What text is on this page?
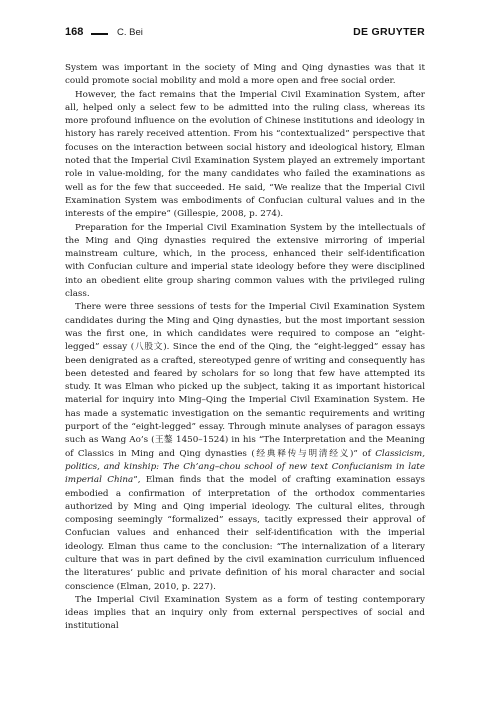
168	C. Bei	DE GRUYTER

System was important in the society of Ming and Qing dynasties was that it could promote social mobility and mold a more open and free social order.

However, the fact remains that the Imperial Civil Examination System, after all, helped only a select few to be admitted into the ruling class, whereas its more profound influence on the evolution of Chinese institutions and ideology in history has rarely received attention. From his “contextualized” perspective that focuses on the interaction between social history and ideological history, Elman noted that the Imperial Civil Examination System played an extremely important role in value-molding, for the many candidates who failed the examinations as well as for the few that succeeded. He said, “We realize that the Imperial Civil Examination System was embodiments of Confucian cultural values and in the interests of the empire” (Gillespie, 2008, p. 274).

Preparation for the Imperial Civil Examination System by the intellectuals of the Ming and Qing dynasties required the extensive mirroring of imperial mainstream culture, which, in the process, enhanced their self-identification with Confucian culture and imperial state ideology before they were disciplined into an obedient elite group sharing common values with the privileged ruling class.

There were three sessions of tests for the Imperial Civil Examination System candidates during the Ming and Qing dynasties, but the most important session was the first one, in which candidates were required to compose an “eight-legged” essay (八股文). Since the end of the Qing, the “eight-legged” essay has been denigrated as a crafted, stereotyped genre of writing and consequently has been detested and feared by scholars for so long that few have attempted its study. It was Elman who picked up the subject, taking it as important historical material for inquiry into Ming–Qing the Imperial Civil Examination System. He has made a systematic investigation on the semantic requirements and writing purport of the “eight-legged” essay. Through minute analyses of paragon essays such as Wang Ao’s (王鏊 1450–1524) in his “The Interpretation and the Meaning of Classics in Ming and Qing dynasties (经典释传与明清经义)” of Classicism, politics, and kinship: The Ch’ang–chou school of new text Confucianism in late imperial China”, Elman finds that the model of crafting examination essays embodied a confirmation of interpretation of the orthodox commentaries authorized by Ming and Qing imperial ideology. The cultural elites, through composing seemingly “formalized” essays, tacitly expressed their approval of Confucian values and enhanced their self-identification with the imperial ideology. Elman thus came to the conclusion: “The internalization of a literary culture that was in part defined by the civil examination curriculum influenced the literatures’ public and private definition of his moral character and social conscience (Elman, 2010, p. 227).

The Imperial Civil Examination System as a form of testing contemporary ideas implies that an inquiry only from external perspectives of social and institutional
